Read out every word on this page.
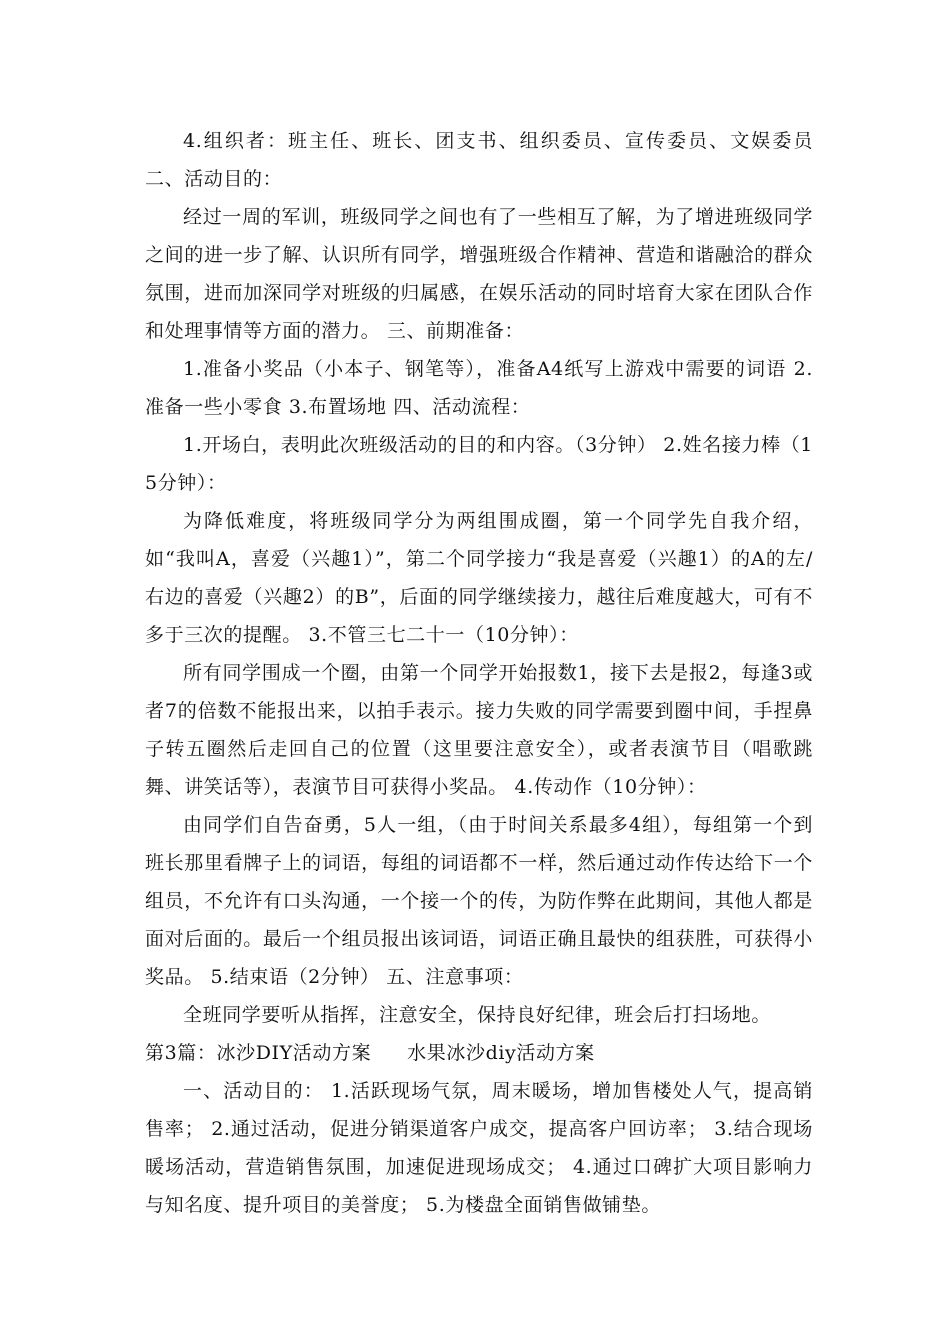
4.组织者：班主任、班长、团支书、组织委员、宣传委员、文娱委员 二、活动目的：

经过一周的军训，班级同学之间也有了一些相互了解，为了增进班级同学之间的进一步了解、认识所有同学，增强班级合作精神、营造和谐融洽的群众氛围，进而加深同学对班级的归属感，在娱乐活动的同时培育大家在团队合作和处理事情等方面的潜力。 三、前期准备：

1.准备小奖品（小本子、钢笔等），准备A4纸写上游戏中需要的词语 2.准备一些小零食 3.布置场地 四、活动流程：

1.开场白，表明此次班级活动的目的和内容。（3分钟） 2.姓名接力棒（15分钟）：

为降低难度，将班级同学分为两组围成圈，第一个同学先自我介绍，如“我叫A，喜爱（兴趣1）”，第二个同学接力“我是喜爱（兴趣1）的A的左/右边的喜爱（兴趣2）的B”，后面的同学继续接力，越往后难度越大，可有不多于三次的提醒。 3.不管三七二十一（10分钟）：

所有同学围成一个圈，由第一个同学开始报数1，接下去是报2，每逢3或者7的倍数不能报出来，以拍手表示。接力失败的同学需要到圈中间，手捏鼻子转五圈然后走回自己的位置（这里要注意安全），或者表演节目（唱歌跳舞、讲笑话等），表演节目可获得小奖品。 4.传动作（10分钟）：

由同学们自告奋勇，5人一组，（由于时间关系最多4组），每组第一个到班长那里看牌子上的词语，每组的词语都不一样，然后通过动作传达给下一个组员，不允许有口头沟通，一个接一个的传，为防作弊在此期间，其他人都是面对后面的。最后一个组员报出该词语，词语正确且最快的组获胜，可获得小奖品。 5.结束语（2分钟） 五、注意事项：

全班同学要听从指挥，注意安全，保持良好纪律，班会后打扫场地。

第3篇：冰沙DIY活动方案 水果冰沙diy活动方案

一、活动目的： 1.活跃现场气氛，周末暖场，增加售楼处人气，提高销售率； 2.通过活动，促进分销渠道客户成交，提高客户回访率； 3.结合现场暖场活动，营造销售氛围，加速促进现场成交； 4.通过口碑扩大项目影响力与知名度、提升项目的美誉度； 5.为楼盘全面销售做铺垫。
